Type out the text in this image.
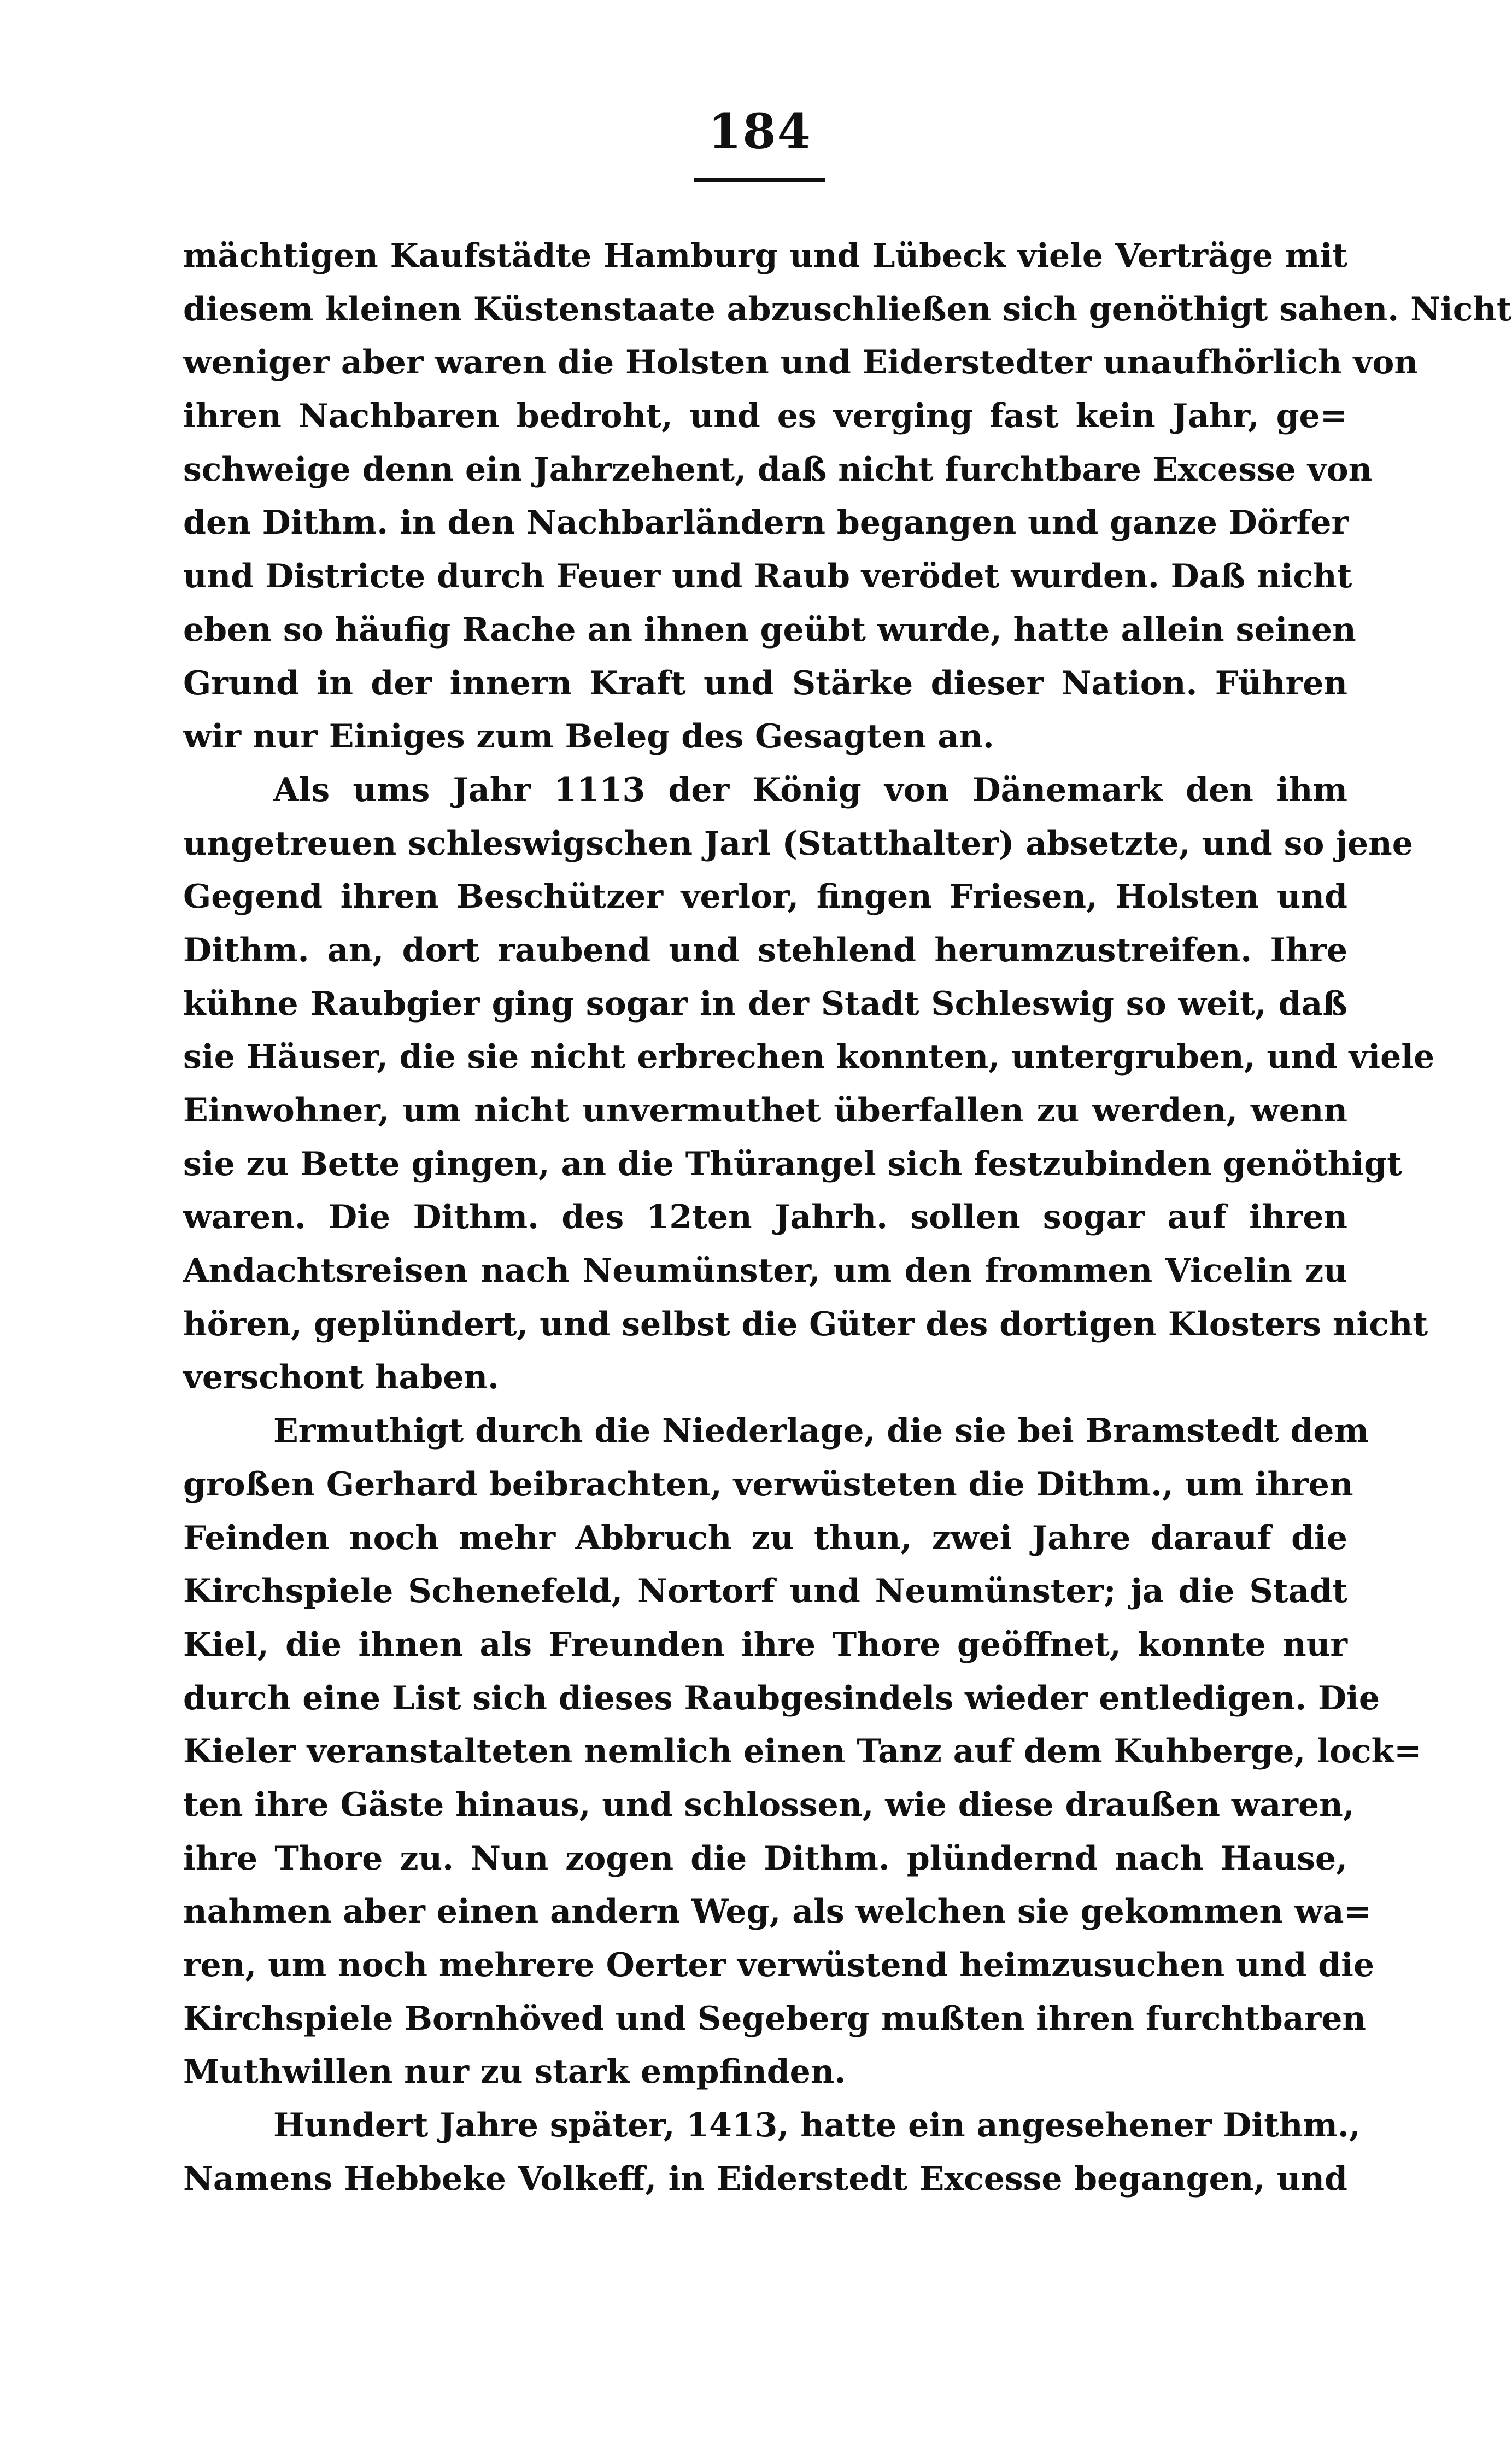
184
mächtigen Kaufstädte Hamburg und Lübeck viele Verträge mit
diesem kleinen Küstenstaate abzuschließen sich genöthigt sahen. Nicht
weniger aber waren die Holsten und Eiderstedter unaufhörlich von
ihren Nachbaren bedroht, und es verging fast kein Jahr, ge=
schweige denn ein Jahrzehent, daß nicht furchtbare Excesse von
den Dithm. in den Nachbarländern begangen und ganze Dörfer
und Districte durch Feuer und Raub verödet wurden. Daß nicht
eben so häufig Rache an ihnen geübt wurde, hatte allein seinen
Grund in der innern Kraft und Stärke dieser Nation. Führen
wir nur Einiges zum Beleg des Gesagten an.
Als ums Jahr 1113 der König von Dänemark den ihm
ungetreuen schleswigschen Jarl (Statthalter) absetzte, und so jene
Gegend ihren Beschützer verlor, fingen Friesen, Holsten und
Dithm. an, dort raubend und stehlend herumzustreifen. Ihre
kühne Raubgier ging sogar in der Stadt Schleswig so weit, daß
sie Häuser, die sie nicht erbrechen konnten, untergruben, und viele
Einwohner, um nicht unvermuthet überfallen zu werden, wenn
sie zu Bette gingen, an die Thürangel sich festzubinden genöthigt
waren. Die Dithm. des 12ten Jahrh. sollen sogar auf ihren
Andachtsreisen nach Neumünster, um den frommen Vicelin zu
hören, geplündert, und selbst die Güter des dortigen Klosters nicht
verschont haben.
Ermuthigt durch die Niederlage, die sie bei Bramstedt dem
großen Gerhard beibrachten, verwüsteten die Dithm., um ihren
Feinden noch mehr Abbruch zu thun, zwei Jahre darauf die
Kirchspiele Schenefeld, Nortorf und Neumünster; ja die Stadt
Kiel, die ihnen als Freunden ihre Thore geöffnet, konnte nur
durch eine List sich dieses Raubgesindels wieder entledigen. Die
Kieler veranstalteten nemlich einen Tanz auf dem Kuhberge, lock=
ten ihre Gäste hinaus, und schlossen, wie diese draußen waren,
ihre Thore zu. Nun zogen die Dithm. plündernd nach Hause,
nahmen aber einen andern Weg, als welchen sie gekommen wa=
ren, um noch mehrere Oerter verwüstend heimzusuchen und die
Kirchspiele Bornhöved und Segeberg mußten ihren furchtbaren
Muthwillen nur zu stark empfinden.
Hundert Jahre später, 1413, hatte ein angesehener Dithm.,
Namens Hebbeke Volkeff, in Eiderstedt Excesse begangen, und
